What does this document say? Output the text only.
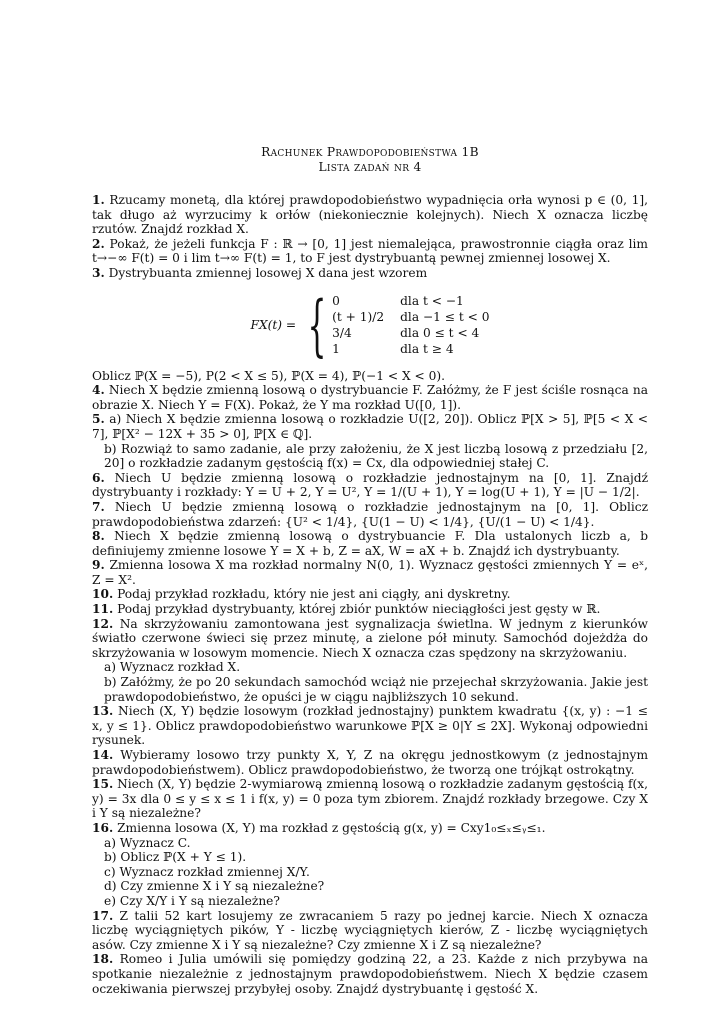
Rachunek Prawdopodobieństwa 1B
Lista zadań nr 4

1. Rzucamy monetą, dla której prawdopodobieństwo wypadnięcia orła wynosi p ∈ (0, 1], tak długo aż wyrzucimy k orłów (niekoniecznie kolejnych). Niech X oznacza liczbę rzutów. Znajdź rozkład X.

2. Pokaż, że jeżeli funkcja F : ℝ → [0, 1] jest niemalejąca, prawostronnie ciągła oraz lim t→−∞ F(t) = 0 i lim t→∞ F(t) = 1, to F jest dystrybuantą pewnej zmiennej losowej X.

3. Dystrybuanta zmiennej losowej X dana jest wzorem

FX(t) = { 0	dla t < −1
(t + 1)/2	dla −1 ≤ t < 0
3/4	dla 0 ≤ t < 4
1	dla t ≥ 4

Oblicz ℙ(X = −5), P(2 < X ≤ 5), ℙ(X = 4), ℙ(−1 < X < 0).

4. Niech X będzie zmienną losową o dystrybuancie F. Załóżmy, że F jest ściśle rosnąca na obrazie X. Niech Y = F(X). Pokaż, że Y ma rozkład U([0, 1]).

5. a) Niech X będzie zmienna losową o rozkładzie U([2, 20]). Oblicz ℙ[X > 5], ℙ[5 < X < 7], ℙ[X² − 12X + 35 > 0], ℙ[X ∈ ℚ].

b) Rozwiąż to samo zadanie, ale przy założeniu, że X jest liczbą losową z przedziału [2, 20] o rozkładzie zadanym gęstością f(x) = Cx, dla odpowiedniej stałej C.

6. Niech U będzie zmienną losową o rozkładzie jednostajnym na [0, 1]. Znajdź dystrybuanty i rozkłady: Y = U + 2, Y = U², Y = 1/(U + 1), Y = log(U + 1), Y = |U − 1/2|.

7. Niech U będzie zmienną losową o rozkładzie jednostajnym na [0, 1]. Oblicz prawdopodobieństwa zdarzeń: {U² < 1/4}, {U(1 − U) < 1/4}, {U/(1 − U) < 1/4}.

8. Niech X będzie zmienną losową o dystrybuancie F. Dla ustalonych liczb a, b definiujemy zmienne losowe Y = X + b, Z = aX, W = aX + b. Znajdź ich dystrybuanty.

9. Zmienna losowa X ma rozkład normalny N(0, 1). Wyznacz gęstości zmiennych Y = eˣ, Z = X².

10. Podaj przykład rozkładu, który nie jest ani ciągły, ani dyskretny.

11. Podaj przykład dystrybuanty, której zbiór punktów nieciągłości jest gęsty w ℝ.

12. Na skrzyżowaniu zamontowana jest sygnalizacja świetlna. W jednym z kierunków światło czerwone świeci się przez minutę, a zielone pół minuty. Samochód dojeżdża do skrzyżowania w losowym momencie. Niech X oznacza czas spędzony na skrzyżowaniu.

a) Wyznacz rozkład X.

b) Załóżmy, że po 20 sekundach samochód wciąż nie przejechał skrzyżowania. Jakie jest prawdopodobieństwo, że opuści je w ciągu najbliższych 10 sekund.

13. Niech (X, Y) będzie losowym (rozkład jednostajny) punktem kwadratu {(x, y) : −1 ≤ x, y ≤ 1}. Oblicz prawdopodobieństwo warunkowe ℙ[X ≥ 0|Y ≤ 2X]. Wykonaj odpowiedni rysunek.

14. Wybieramy losowo trzy punkty X, Y, Z na okręgu jednostkowym (z jednostajnym prawdopodobieństwem). Oblicz prawdopodobieństwo, że tworzą one trójkąt ostrokątny.

15. Niech (X, Y) będzie 2-wymiarową zmienną losową o rozkładzie zadanym gęstością f(x, y) = 3x dla 0 ≤ y ≤ x ≤ 1 i f(x, y) = 0 poza tym zbiorem. Znajdź rozkłady brzegowe. Czy X i Y są niezależne?

16. Zmienna losowa (X, Y) ma rozkład z gęstością g(x, y) = Cxy1₀≤ₓ≤ᵧ≤₁.

a) Wyznacz C.

b) Oblicz ℙ(X + Y ≤ 1).

c) Wyznacz rozkład zmiennej X/Y.

d) Czy zmienne X i Y są niezależne?

e) Czy X/Y i Y są niezależne?

17. Z talii 52 kart losujemy ze zwracaniem 5 razy po jednej karcie. Niech X oznacza liczbę wyciągniętych pików, Y - liczbę wyciągniętych kierów, Z - liczbę wyciągniętych asów. Czy zmienne X i Y są niezależne? Czy zmienne X i Z są niezależne?

18. Romeo i Julia umówili się pomiędzy godziną 22, a 23. Każde z nich przybywa na spotkanie niezależnie z jednostajnym prawdopodobieństwem. Niech X będzie czasem oczekiwania pierwszej przybyłej osoby. Znajdź dystrybuantę i gęstość X.
